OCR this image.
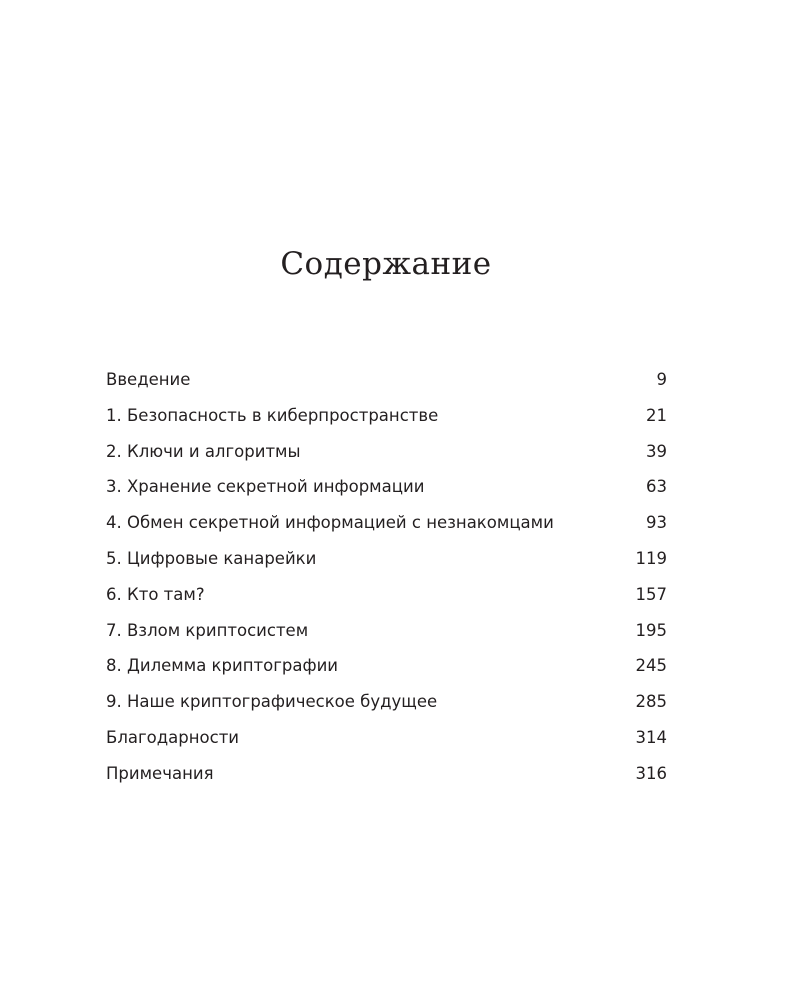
Содержание
Введение	9
1. Безопасность в киберпространстве	21
2. Ключи и алгоритмы	39
3. Хранение секретной информации	63
4. Обмен секретной информацией с незнакомцами	93
5. Цифровые канарейки	119
6. Кто там?	157
7. Взлом криптосистем	195
8. Дилемма криптографии	245
9. Наше криптографическое будущее	285
Благодарности	314
Примечания	316
